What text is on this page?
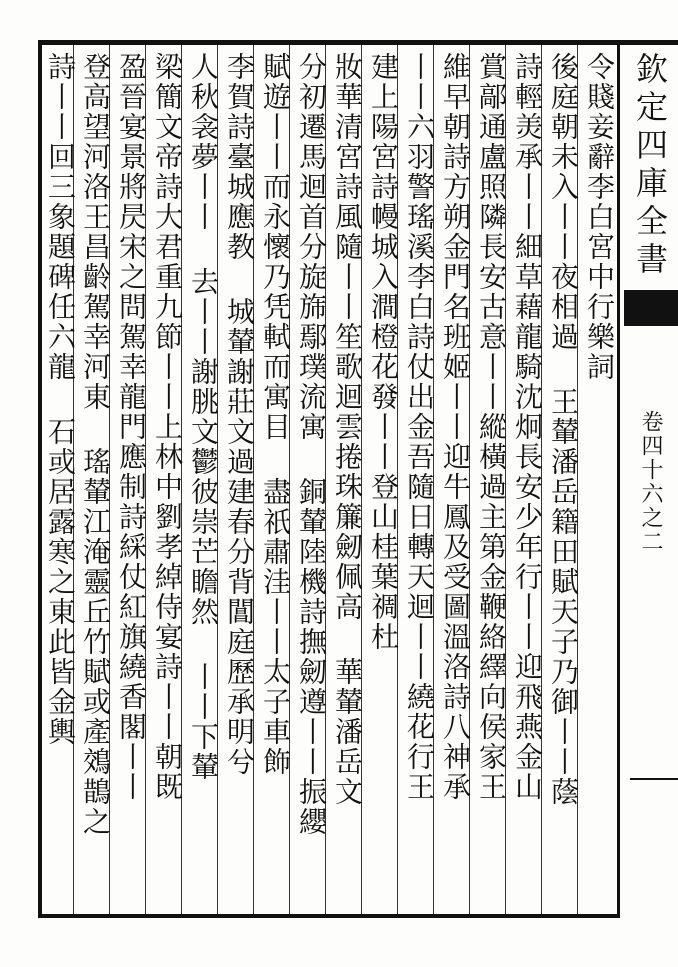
欽定四庫全書
卷四十六之二
令賤妾辭李白宮中行樂詞
後庭朝未入丨丨夜相過 王輦潘岳籍田賦天子乃御丨丨蔭
詩輕羙承丨丨細草藉龍騎沈炯長安少年行丨丨迎飛燕金山
賞鄗通盧照隣長安古意丨丨縱橫過主第金鞭絡繹向侯家王
維早朝詩方朔金門名班姬丨丨迎牛鳳及受圖溫洛詩八神承
丨丨六羽警瑤溪李白詩仗出金吾隨日轉天迴丨丨繞花行王
建上陽宮詩幔城入澗橙花發丨丨登山桂葉禂杜
妝華清宮詩風隨丨丨笙歌迴雲捲珠簾劒佩高 華輦潘岳文
分初遷馬迴首分旋旆鄢璞流寓 銅輦陸機詩撫劒遵丨丨振纓
賦遊丨丨而永懷乃凭軾而寓目 盡祇肅洼丨丨太子車飾
李賀詩臺城應教 城輦謝莊文過建春分背閶庭歷承明兮
人秋衾夢丨丨 去丨丨謝朓文鬱彼崇芒瞻然 丨丨下輦
梁簡文帝詩大君重九節丨丨上林中劉孝綽侍宴詩丨丨朝既
盈晉宴景將昃宋之問駕幸龍門應制詩綵仗紅旗繞香閣丨丨
登高望河洛王昌齡駕幸河東 瑤輦江淹靈丘竹賦或產鵁鵲之
詩丨丨回三象題碑任六龍 石或居露寒之東此皆金輿
